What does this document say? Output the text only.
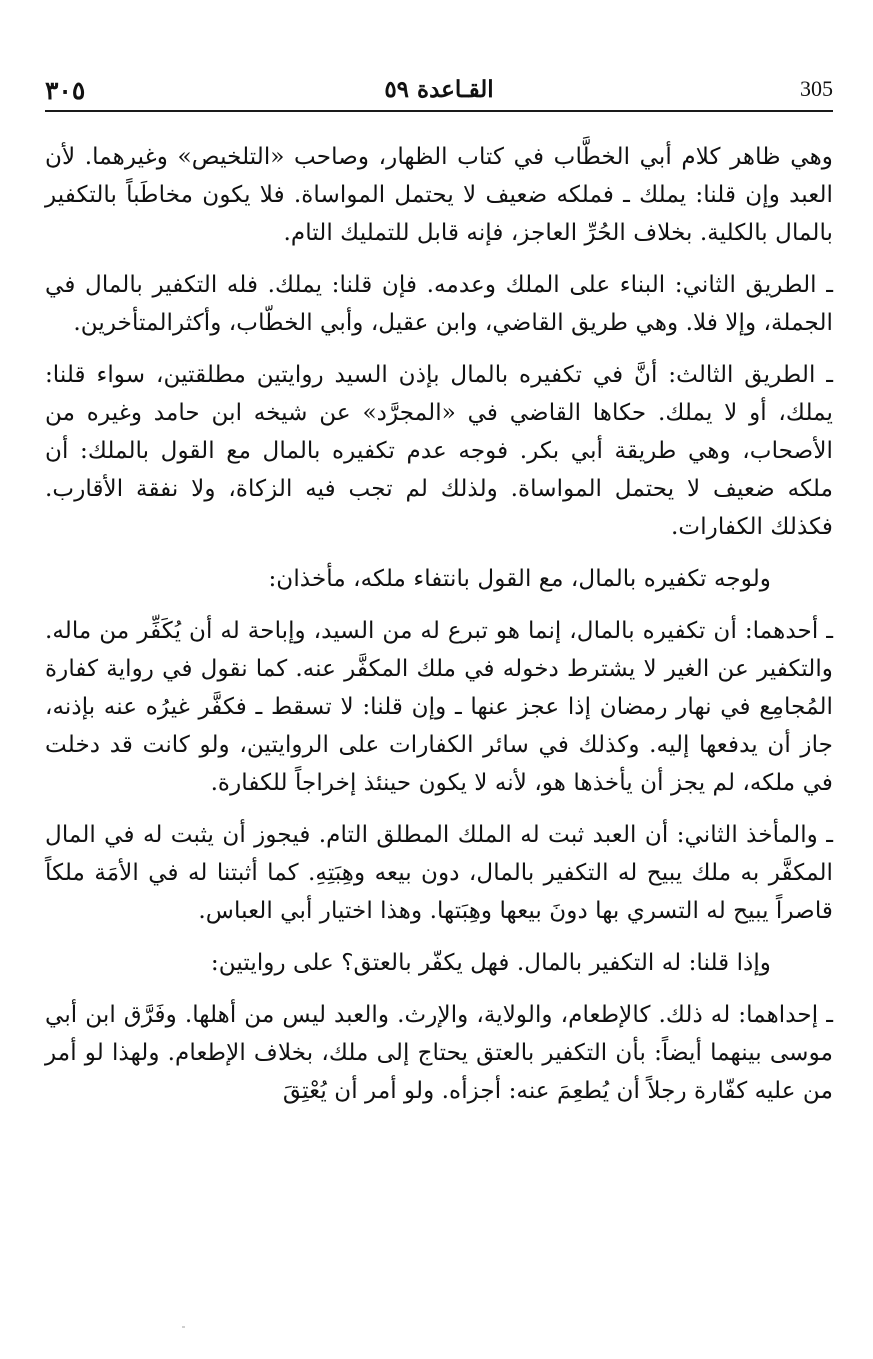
٣٠٥	القـاعدة ٥٩	305

وهي ظاهر كلام أبي الخطَّاب في كتاب الظهار، وصاحب «التلخيص» وغيرهما. لأن العبد وإن قلنا: يملك ـ فملكه ضعيف لا يحتمل المواساة. فلا يكون مخاطَباً بالتكفير بالمال بالكلية. بخلاف الحُرِّ العاجز، فإنه قابل للتمليك التام.

ـ الطريق الثاني: البناء على الملك وعدمه. فإن قلنا: يملك. فله التكفير بالمال في الجملة، وإلا فلا. وهي طريق القاضي، وابن عقيل، وأبي الخطّاب، وأكثرالمتأخرين.

ـ الطريق الثالث: أنَّ في تكفيره بالمال بإذن السيد روايتين مطلقتين، سواء قلنا: يملك، أو لا يملك. حكاها القاضي في «المجرَّد» عن شيخه ابن حامد وغيره من الأصحاب، وهي طريقة أبي بكر. فوجه عدم تكفيره بالمال مع القول بالملك: أن ملكه ضعيف لا يحتمل المواساة. ولذلك لم تجب فيه الزكاة، ولا نفقة الأقارب. فكذلك الكفارات.

ولوجه تكفيره بالمال، مع القول بانتفاء ملكه، مأخذان:

ـ أحدهما: أن تكفيره بالمال، إنما هو تبرع له من السيد، وإباحة له أن يُكَفِّر من ماله. والتكفير عن الغير لا يشترط دخوله في ملك المكفَّر عنه. كما نقول في رواية كفارة المُجامِع في نهار رمضان إذا عجز عنها ـ وإن قلنا: لا تسقط ـ فكفَّر غيرُه عنه بإذنه، جاز أن يدفعها إليه. وكذلك في سائر الكفارات على الروايتين، ولو كانت قد دخلت في ملكه، لم يجز أن يأخذها هو، لأنه لا يكون حينئذ إخراجاً للكفارة.

ـ والمأخذ الثاني: أن العبد ثبت له الملك المطلق التام. فيجوز أن يثبت له في المال المكفَّر به ملك يبيح له التكفير بالمال، دون بيعه وهِبَتِهِ. كما أثبتنا له في الأمَة ملكاً قاصراً يبيح له التسري بها دونَ بيعها وهِبَتها. وهذا اختيار أبي العباس.

وإذا قلنا: له التكفير بالمال. فهل يكفّر بالعتق؟ على روايتين:

ـ إحداهما: له ذلك. كالإطعام، والولاية، والإرث. والعبد ليس من أهلها. وفَرَّق ابن أبي موسى بينهما أيضاً: بأن التكفير بالعتق يحتاج إلى ملك، بخلاف الإطعام. ولهذا لو أمر من عليه كفّارة رجلاً أن يُطعِمَ عنه: أجزأه. ولو أمر أن يُعْتِقَ
